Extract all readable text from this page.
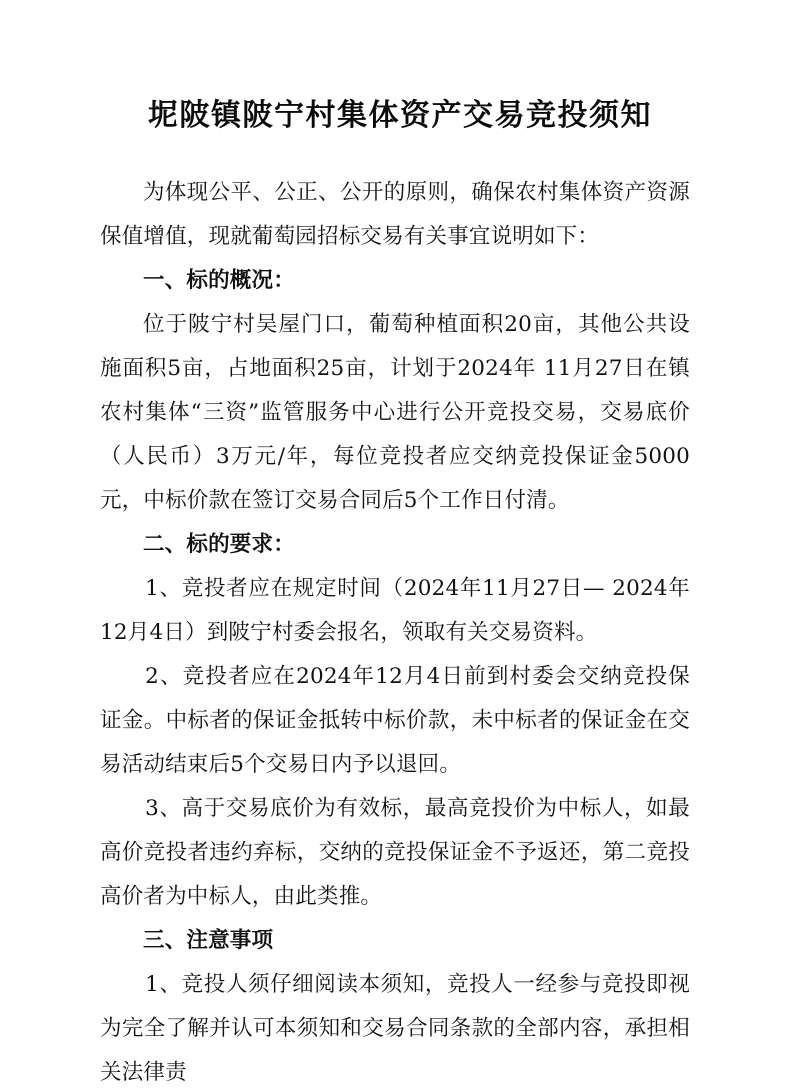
坭陂镇陂宁村集体资产交易竞投须知

为体现公平、公正、公开的原则，确保农村集体资产资源保值增值，现就葡萄园招标交易有关事宜说明如下：

一、标的概况：

位于陂宁村吴屋门口，葡萄种植面积20亩，其他公共设施面积5亩，占地面积25亩，计划于2024年 11月27日在镇农村集体“三资”监管服务中心进行公开竞投交易，交易底价（人民币）3万元/年，每位竞投者应交纳竞投保证金5000元，中标价款在签订交易合同后5个工作日付清。

二、标的要求：

1、竞投者应在规定时间（2024年11月27日— 2024年12月4日）到陂宁村委会报名，领取有关交易资料。

2、竞投者应在2024年12月4日前到村委会交纳竞投保证金。中标者的保证金抵转中标价款，未中标者的保证金在交易活动结束后5个交易日内予以退回。

3、高于交易底价为有效标，最高竞投价为中标人，如最高价竞投者违约弃标，交纳的竞投保证金不予返还，第二竞投高价者为中标人，由此类推。

三、注意事项

1、竞投人须仔细阅读本须知，竞投人一经参与竞投即视为完全了解并认可本须知和交易合同条款的全部内容，承担相关法律责
